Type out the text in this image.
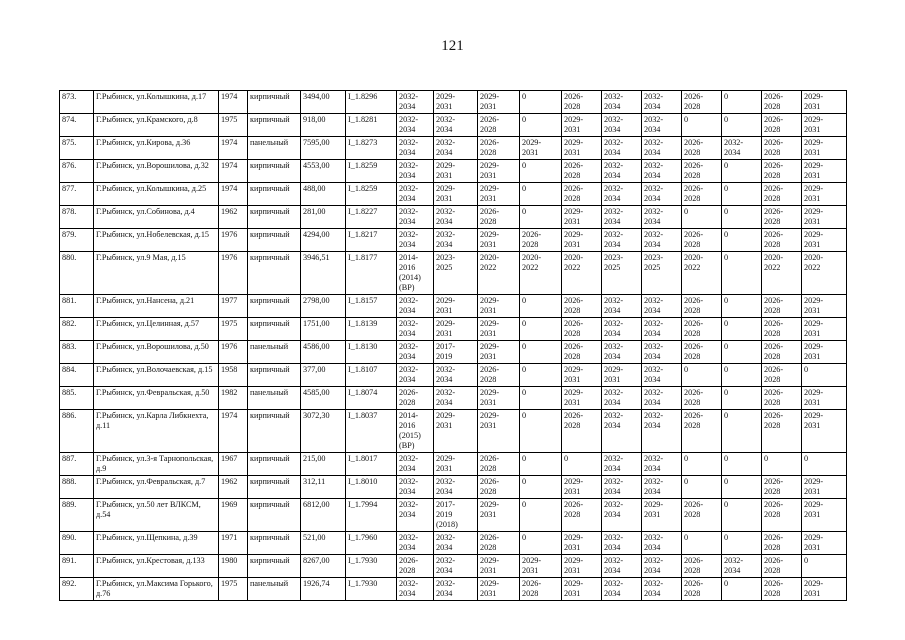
121
873.	Г.Рыбинск, ул.Колышкина, д.17	1974	кирпичный	3494,00	I_1.8296	2032-
2034	2029-
2031	2029-
2031	0	2026-
2028	2032-
2034	2032-
2034	2026-
2028	0	2026-
2028	2029-
2031
874.	Г.Рыбинск, ул.Крамского, д.8	1975	кирпичный	918,00	I_1.8281	2032-
2034	2032-
2034	2026-
2028	0	2029-
2031	2032-
2034	2032-
2034	0	0	2026-
2028	2029-
2031
875.	Г.Рыбинск, ул.Кирова, д.36	1974	панельный	7595,00	I_1.8273	2032-
2034	2032-
2034	2026-
2028	2029-
2031	2029-
2031	2032-
2034	2032-
2034	2026-
2028	2032-
2034	2026-
2028	2029-
2031
876.	Г.Рыбинск, ул.Ворошилова, д.32	1974	кирпичный	4553,00	I_1.8259	2032-
2034	2029-
2031	2029-
2031	0	2026-
2028	2032-
2034	2032-
2034	2026-
2028	0	2026-
2028	2029-
2031
877.	Г.Рыбинск, ул.Колышкина, д.25	1974	кирпичный	488,00	I_1.8259	2032-
2034	2029-
2031	2029-
2031	0	2026-
2028	2032-
2034	2032-
2034	2026-
2028	0	2026-
2028	2029-
2031
878.	Г.Рыбинск, ул.Собинова, д.4	1962	кирпичный	281,00	I_1.8227	2032-
2034	2032-
2034	2026-
2028	0	2029-
2031	2032-
2034	2032-
2034	0	0	2026-
2028	2029-
2031
879.	Г.Рыбинск, ул.Нобелевская, д.15	1976	кирпичный	4294,00	I_1.8217	2032-
2034	2032-
2034	2029-
2031	2026-
2028	2029-
2031	2032-
2034	2032-
2034	2026-
2028	0	2026-
2028	2029-
2031
880.	Г.Рыбинск, ул.9 Мая, д.15	1976	кирпичный	3946,51	I_1.8177	2014-
2016
(2014)
(ВР)	2023-
2025	2020-
2022	2020-
2022	2020-
2022	2023-
2025	2023-
2025	2020-
2022	0	2020-
2022	2020-
2022
881.	Г.Рыбинск, ул.Нансена, д.21	1977	кирпичный	2798,00	I_1.8157	2032-
2034	2029-
2031	2029-
2031	0	2026-
2028	2032-
2034	2032-
2034	2026-
2028	0	2026-
2028	2029-
2031
882.	Г.Рыбинск, ул.Целинная, д.57	1975	кирпичный	1751,00	I_1.8139	2032-
2034	2029-
2031	2029-
2031	0	2026-
2028	2032-
2034	2032-
2034	2026-
2028	0	2026-
2028	2029-
2031
883.	Г.Рыбинск, ул.Ворошилова, д.50	1976	панельный	4586,00	I_1.8130	2032-
2034	2017-
2019	2029-
2031	0	2026-
2028	2032-
2034	2032-
2034	2026-
2028	0	2026-
2028	2029-
2031
884.	Г.Рыбинск, ул.Волочаевская, д.15	1958	кирпичный	377,00	I_1.8107	2032-
2034	2032-
2034	2026-
2028	0	2029-
2031	2029-
2031	2032-
2034	0	0	2026-
2028	0
885.	Г.Рыбинск, ул.Февральская, д.50	1982	панельный	4585,00	I_1.8074	2026-
2028	2032-
2034	2029-
2031	0	2029-
2031	2032-
2034	2032-
2034	2026-
2028	0	2026-
2028	2029-
2031
886.	Г.Рыбинск, ул.Карла Либкнехта, д.11	1974	кирпичный	3072,30	I_1.8037	2014-
2016
(2015)
(ВР)	2029-
2031	2029-
2031	0	2026-
2028	2032-
2034	2032-
2034	2026-
2028	0	2026-
2028	2029-
2031
887.	Г.Рыбинск, ул.3-я Тарнопольская, д.9	1967	кирпичный	215,00	I_1.8017	2032-
2034	2029-
2031	2026-
2028	0	0	2032-
2034	2032-
2034	0	0	0	0
888.	Г.Рыбинск, ул.Февральская, д.7	1962	кирпичный	312,11	I_1.8010	2032-
2034	2032-
2034	2026-
2028	0	2029-
2031	2032-
2034	2032-
2034	0	0	2026-
2028	2029-
2031
889.	Г.Рыбинск, ул.50 лет ВЛКСМ, д.54	1969	кирпичный	6812,00	I_1.7994	2032-
2034	2017-
2019
(2018)	2029-
2031	0	2026-
2028	2032-
2034	2029-
2031	2026-
2028	0	2026-
2028	2029-
2031
890.	Г.Рыбинск, ул.Щепкина, д.39	1971	кирпичный	521,00	I_1.7960	2032-
2034	2032-
2034	2026-
2028	0	2029-
2031	2032-
2034	2032-
2034	0	0	2026-
2028	2029-
2031
891.	Г.Рыбинск, ул.Крестовая, д.133	1980	кирпичный	8267,00	I_1.7930	2026-
2028	2032-
2034	2029-
2031	2029-
2031	2029-
2031	2032-
2034	2032-
2034	2026-
2028	2032-
2034	2026-
2028	0
892.	Г.Рыбинск, ул.Максима Горького, д.76	1975	панельный	1926,74	I_1.7930	2032-
2034	2032-
2034	2029-
2031	2026-
2028	2029-
2031	2032-
2034	2032-
2034	2026-
2028	0	2026-
2028	2029-
2031
